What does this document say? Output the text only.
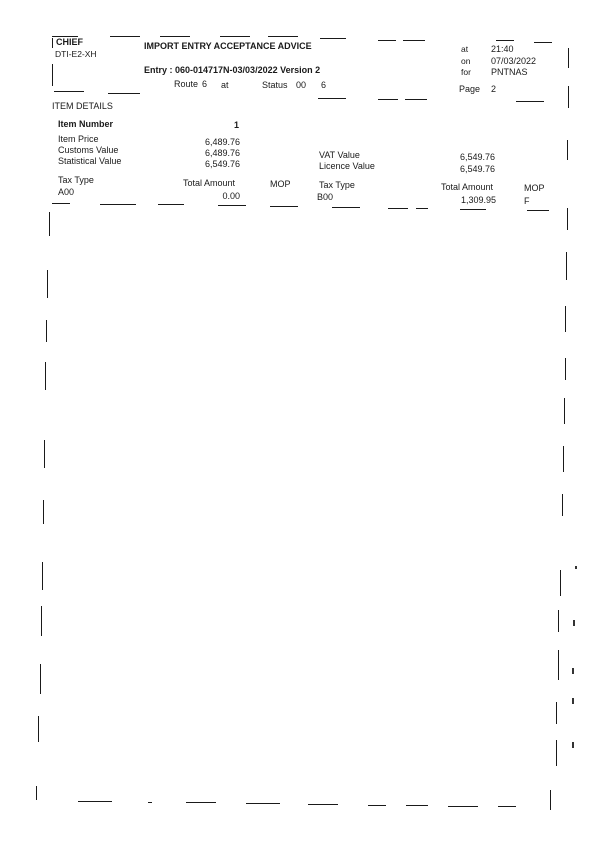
CHIEF
DTI-E2-XH
IMPORT ENTRY ACCEPTANCE ADVICE
Entry : 060-014717N-03/03/2022 Version 2
Route 6 at	Status 00 6
at	21:40
on 07/03/2022
for PNTNAS
Page 2
ITEM DETAILS
Item Number	1
Item Price	6,489.76
Customs Value	6,489.76
Statistical Value	6,549.76
VAT Value	6,549.76
Licence Value	6,549.76
Tax Type	Total Amount	MOP
A00	0.00
Tax Type	Total Amount	MOP
B00	1,309.95	F
